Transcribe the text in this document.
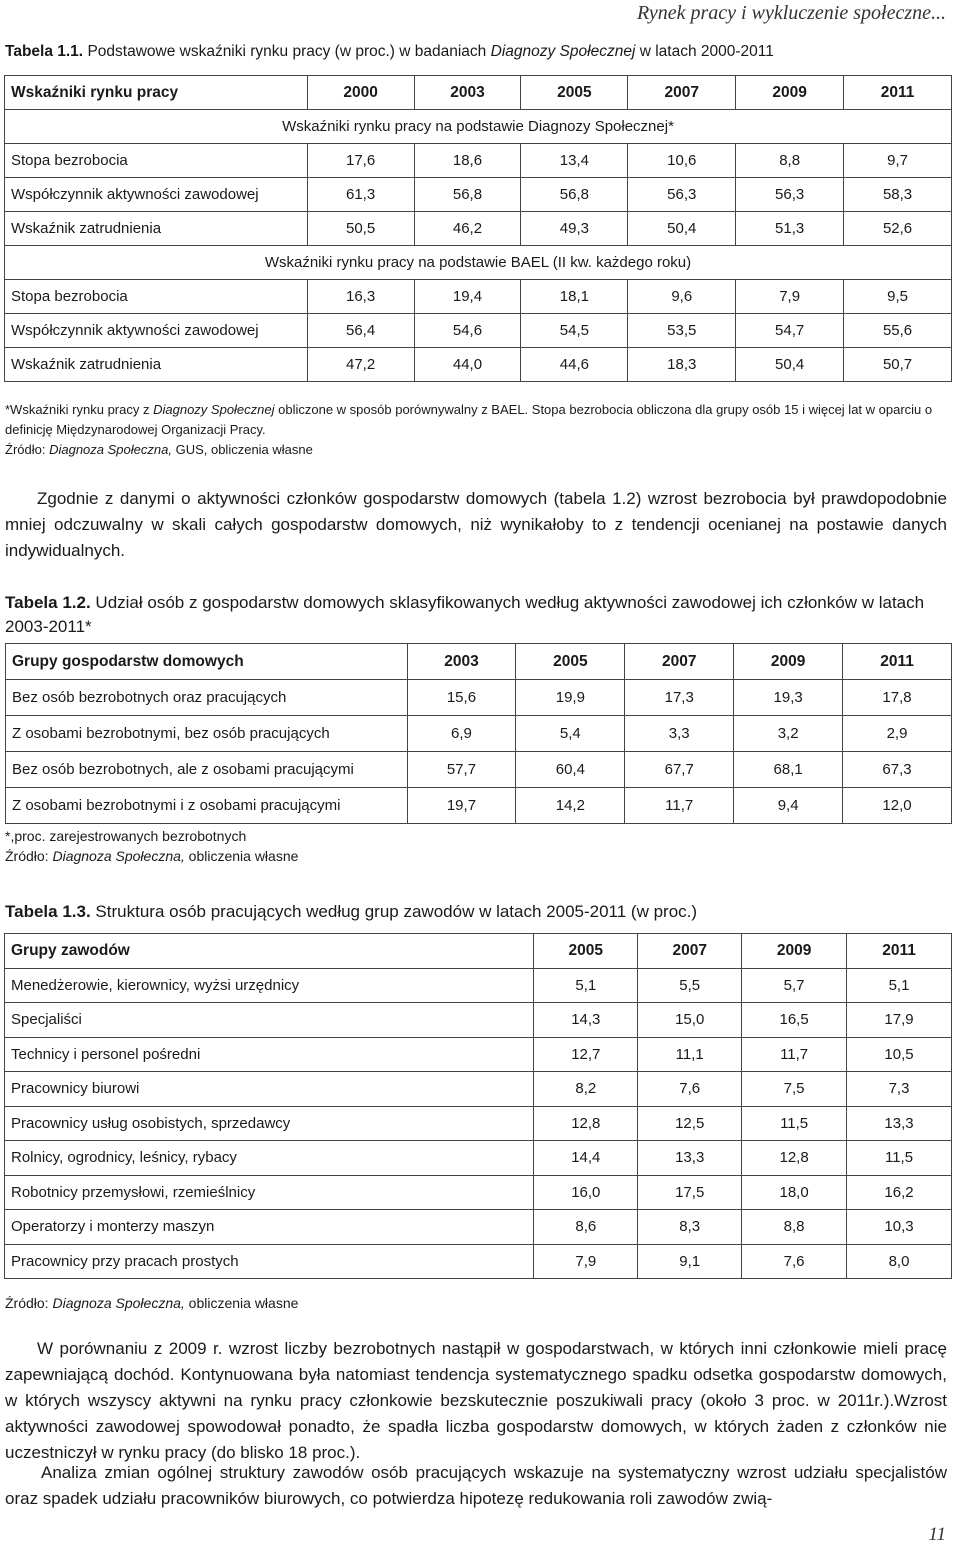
Rynek pracy i wykluczenie społeczne...
Tabela 1.1. Podstawowe wskaźniki rynku pracy (w proc.) w badaniach Diagnozy Społecznej w latach 2000-2011
Wskaźniki rynku pracy	2000	2003	2005	2007	2009	2011
Wskaźniki rynku pracy na podstawie Diagnozy Społecznej*						
Stopa bezrobocia	17,6	18,6	13,4	10,6	8,8	9,7
Współczynnik aktywności zawodowej	61,3	56,8	56,8	56,3	56,3	58,3
Wskaźnik zatrudnienia	50,5	46,2	49,3	50,4	51,3	52,6
Wskaźniki rynku pracy na podstawie BAEL (II kw. każdego roku)						
Stopa bezrobocia	16,3	19,4	18,1	9,6	7,9	9,5
Współczynnik aktywności zawodowej	56,4	54,6	54,5	53,5	54,7	55,6
Wskaźnik zatrudnienia	47,2	44,0	44,6	18,3	50,4	50,7
*Wskaźniki rynku pracy z Diagnozy Społecznej obliczone w sposób porównywalny z BAEL. Stopa bezrobocia obliczona dla grupy osób 15 i więcej lat w oparciu o definicję Międzynarodowej Organizacji Pracy.
Źródło: Diagnoza Społeczna, GUS, obliczenia własne
Zgodnie z danymi o aktywności członków gospodarstw domowych (tabela 1.2) wzrost bezrobocia był prawdopodobnie mniej odczuwalny w skali całych gospodarstw domowych, niż wynikałoby to z tendencji ocenianej na postawie danych indywidualnych.
Tabela 1.2. Udział osób z gospodarstw domowych sklasyfikowanych według aktywności zawodowej ich członków w latach 2003-2011*
Grupy gospodarstw domowych	2003	2005	2007	2009	2011
Bez osób bezrobotnych oraz pracujących	15,6	19,9	17,3	19,3	17,8
Z osobami bezrobotnymi, bez osób pracujących	6,9	5,4	3,3	3,2	2,9
Bez osób bezrobotnych, ale z osobami pracującymi	57,7	60,4	67,7	68,1	67,3
Z osobami bezrobotnymi i z osobami pracującymi	19,7	14,2	11,7	9,4	12,0
*,proc. zarejestrowanych bezrobotnych
Źródło: Diagnoza Społeczna, obliczenia własne
Tabela 1.3. Struktura osób pracujących według grup zawodów w latach 2005-2011 (w proc.)
Grupy zawodów	2005	2007	2009	2011
Menedżerowie, kierownicy, wyżsi urzędnicy	5,1	5,5	5,7	5,1
Specjaliści	14,3	15,0	16,5	17,9
Technicy i personel pośredni	12,7	11,1	11,7	10,5
Pracownicy biurowi	8,2	7,6	7,5	7,3
Pracownicy usług osobistych, sprzedawcy	12,8	12,5	11,5	13,3
Rolnicy, ogrodnicy, leśnicy, rybacy	14,4	13,3	12,8	11,5
Robotnicy przemysłowi, rzemieślnicy	16,0	17,5	18,0	16,2
Operatorzy i monterzy maszyn	8,6	8,3	8,8	10,3
Pracownicy przy pracach prostych	7,9	9,1	7,6	8,0
Źródło: Diagnoza Społeczna, obliczenia własne
W porównaniu z 2009 r. wzrost liczby bezrobotnych nastąpił w gospodarstwach, w których inni członkowie mieli pracę zapewniającą dochód. Kontynuowana była natomiast tendencja systematycznego spadku odsetka gospodarstw domowych, w których wszyscy aktywni na rynku pracy członkowie bezskutecznie poszukiwali pracy (około 3 proc. w 2011r.).Wzrost aktywności zawodowej spowodował ponadto, że spadła liczba gospodarstw domowych, w których żaden z członków nie uczestniczył w rynku pracy (do blisko 18 proc.).
Analiza zmian ogólnej struktury zawodów osób pracujących wskazuje na systematyczny wzrost udziału specjalistów oraz spadek udziału pracowników biurowych, co potwierdza hipotezę redukowania roli zawodów zwią-
11
